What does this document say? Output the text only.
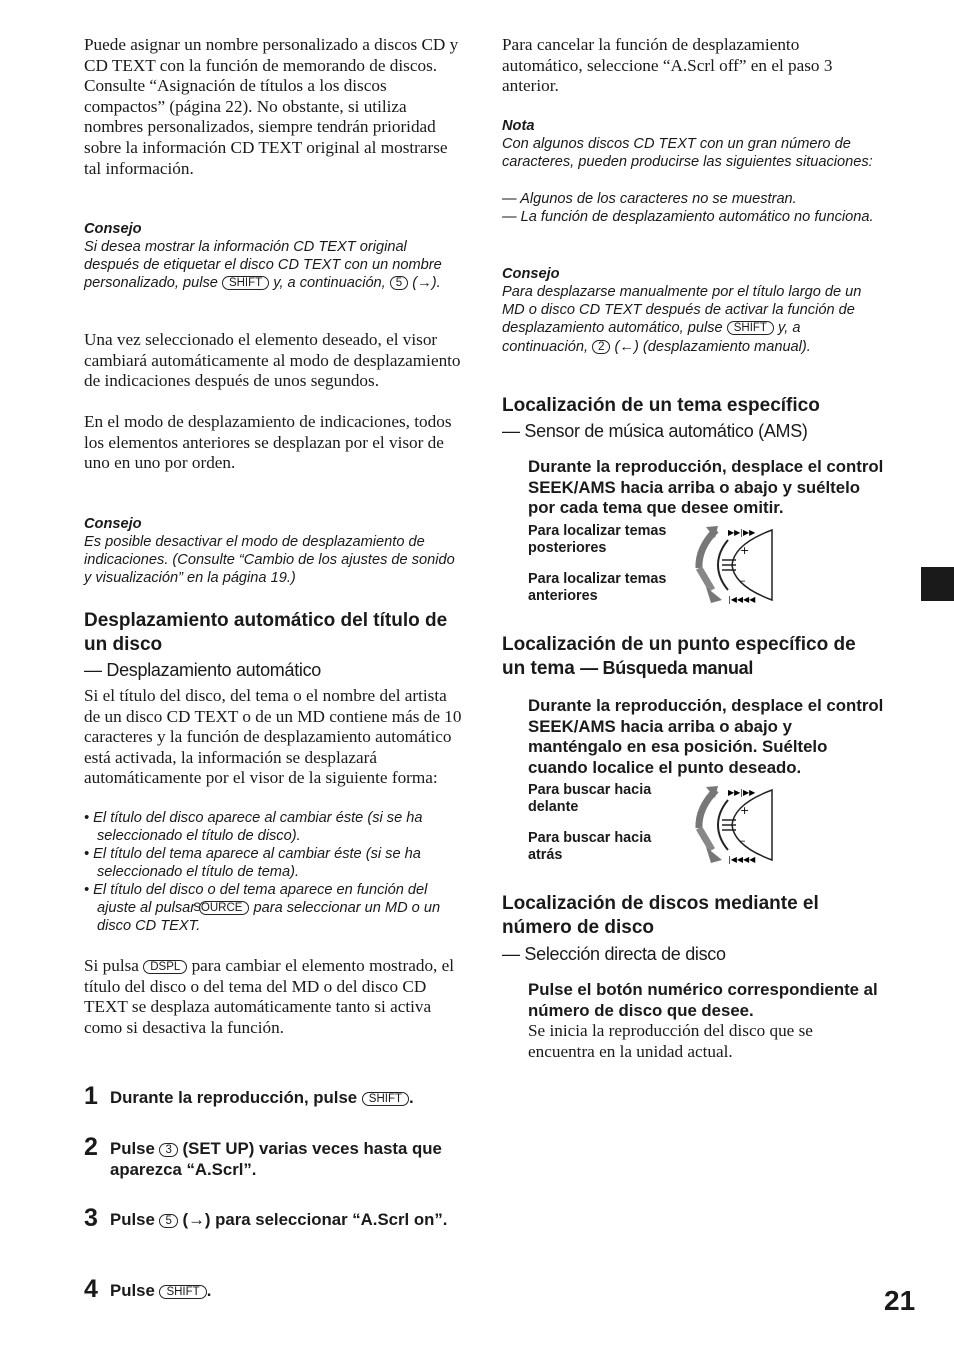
Puede asignar un nombre personalizado a discos CD y CD TEXT con la función de memorando de discos. Consulte “Asignación de títulos a los discos compactos” (página 22). No obstante, si utiliza nombres personalizados, siempre tendrán prioridad sobre la información CD TEXT original al mostrarse tal información.
Consejo
Si desea mostrar la información CD TEXT original después de etiquetar el disco CD TEXT con un nombre personalizado, pulse SHIFT y, a continuación, 5 (→).
Una vez seleccionado el elemento deseado, el visor cambiará automáticamente al modo de desplazamiento de indicaciones después de unos segundos.
En el modo de desplazamiento de indicaciones, todos los elementos anteriores se desplazan por el visor de uno en uno por orden.
Consejo
Es posible desactivar el modo de desplazamiento de indicaciones. (Consulte “Cambio de los ajustes de sonido y visualización” en la página 19.)
Desplazamiento automático del título de un disco
— Desplazamiento automático
Si el título del disco, del tema o el nombre del artista de un disco CD TEXT o de un MD contiene más de 10 caracteres y la función de desplazamiento automático está activada, la información se desplazará automáticamente por el visor de la siguiente forma:
• El título del disco aparece al cambiar éste (si se ha seleccionado el título de disco).
• El título del tema aparece al cambiar éste (si se ha seleccionado el título de tema).
• El título del disco o del tema aparece en función del ajuste al pulsar SOURCE para seleccionar un MD o un disco CD TEXT.
Si pulsa DSPL para cambiar el elemento mostrado, el título del disco o del tema del MD o del disco CD TEXT se desplaza automáticamente tanto si activa como si desactiva la función.
1 Durante la reproducción, pulse SHIFT .
2 Pulse 3 (SET UP) varias veces hasta que aparezca “A.Scrl”.
3 Pulse 5 (→) para seleccionar “A.Scrl on”.
4 Pulse SHIFT .
Para cancelar la función de desplazamiento automático, seleccione “A.Scrl off” en el paso 3 anterior.
Nota
Con algunos discos CD TEXT con un gran número de caracteres, pueden producirse las siguientes situaciones:
— Algunos de los caracteres no se muestran.
— La función de desplazamiento automático no funciona.
Consejo
Para desplazarse manualmente por el título largo de un MD o disco CD TEXT después de activar la función de desplazamiento automático, pulse SHIFT y, a continuación, 2 (←) (desplazamiento manual).
Localización de un tema específico
— Sensor de música automático (AMS)
Durante la reproducción, desplace el control SEEK/AMS hacia arriba o abajo y suéltelo por cada tema que desee omitir.
Para localizar temas posteriores
Para localizar temas anteriores
▶▶|▶▶
+
–
|◀◀◀◀
Localización de un punto específico de un tema — Búsqueda manual
Durante la reproducción, desplace el control SEEK/AMS hacia arriba o abajo y manténgalo en esa posición. Suéltelo cuando localice el punto deseado.
Para buscar hacia delante
Para buscar hacia atrás
▶▶|▶▶
+
–
|◀◀◀◀
Localización de discos mediante el número de disco
— Selección directa de disco
Pulse el botón numérico correspondiente al número de disco que desee.
Se inicia la reproducción del disco que se encuentra en la unidad actual.
21
